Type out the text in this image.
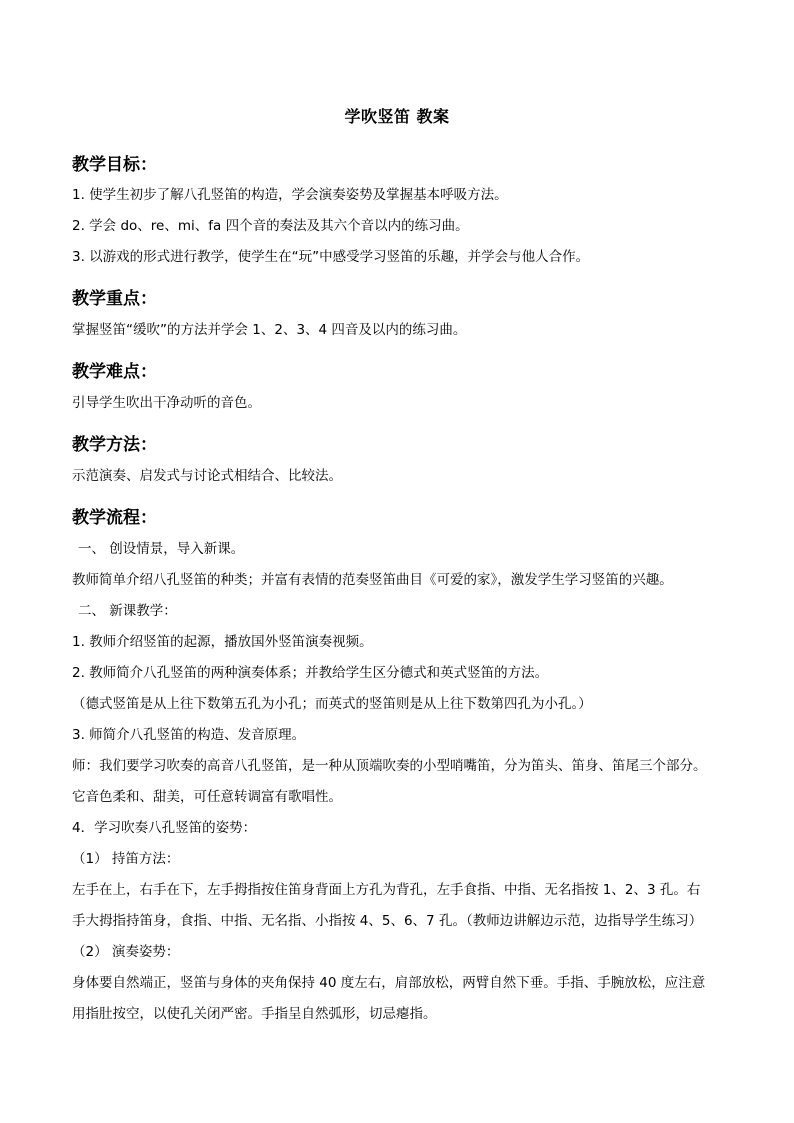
学吹竖笛 教案
教学目标：
1. 使学生初步了解八孔竖笛的构造，学会演奏姿势及掌握基本呼吸方法。
2. 学会 do、re、mi、fa 四个音的奏法及其六个音以内的练习曲。
3. 以游戏的形式进行教学，使学生在“玩”中感受学习竖笛的乐趣，并学会与他人合作。
教学重点：
掌握竖笛“缓吹”的方法并学会 1、2、3、4 四音及以内的练习曲。
教学难点：
引导学生吹出干净动听的音色。
教学方法：
示范演奏、启发式与讨论式相结合、比较法。
教学流程：
一、 创设情景，导入新课。
教师简单介绍八孔竖笛的种类；并富有表情的范奏竖笛曲目《可爱的家》，激发学生学习竖笛的兴趣。
二、 新课教学：
1. 教师介绍竖笛的起源，播放国外竖笛演奏视频。
2. 教师简介八孔竖笛的两种演奏体系；并教给学生区分德式和英式竖笛的方法。
（德式竖笛是从上往下数第五孔为小孔；而英式的竖笛则是从上往下数第四孔为小孔。）
3. 师简介八孔竖笛的构造、发音原理。
师：我们要学习吹奏的高音八孔竖笛，是一种从顶端吹奏的小型哨嘴笛，分为笛头、笛身、笛尾三个部分。
它音色柔和、甜美，可任意转调富有歌唱性。
4．学习吹奏八孔竖笛的姿势：
（1） 持笛方法：
左手在上，右手在下，左手拇指按住笛身背面上方孔为背孔，左手食指、中指、无名指按 1、2、3 孔。右
手大拇指持笛身，食指、中指、无名指、小指按 4、5、6、7 孔。（教师边讲解边示范，边指导学生练习）
（2） 演奏姿势：
身体要自然端正，竖笛与身体的夹角保持 40 度左右，肩部放松，两臂自然下垂。手指、手腕放松，应注意
用指肚按空，以使孔关闭严密。手指呈自然弧形，切忌瘪指。
